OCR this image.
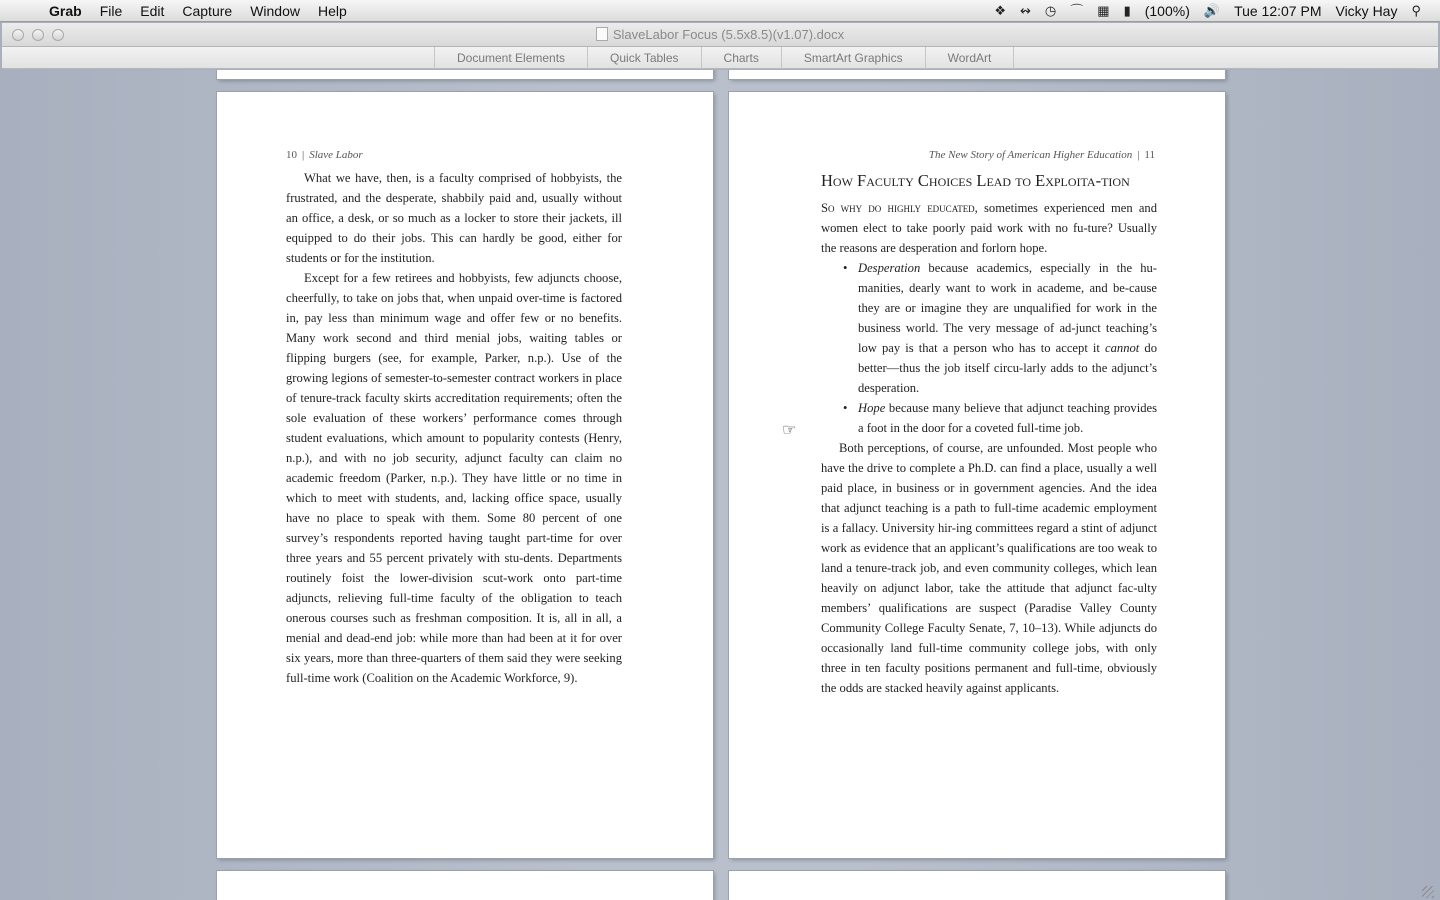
Grab	File	Edit	Capture	Window	Help	❖	↭	◷	⌒	▦	▮	(100%)	🔊	Tue 12:07 PM	Vicky Hay	⚲
SlaveLabor Focus (5.5x8.5)(v1.07).docx
Document Elements	Quick Tables	Charts	SmartArt Graphics	WordArt
10 | Slave Labor

What we have, then, is a faculty comprised of hobbyists, the frustrated, and the desperate, shabbily paid and, usually without an office, a desk, or so much as a locker to store their jackets, ill equipped to do their jobs. This can hardly be good, either for students or for the institution.

Except for a few retirees and hobbyists, few adjuncts choose, cheerfully, to take on jobs that, when unpaid over-time is factored in, pay less than minimum wage and offer few or no benefits. Many work second and third menial jobs, waiting tables or flipping burgers (see, for example, Parker, n.p.). Use of the growing legions of semester-to-semester contract workers in place of tenure-track faculty skirts accreditation requirements; often the sole evaluation of these workers’ performance comes through student evaluations, which amount to popularity contests (Henry, n.p.), and with no job security, adjunct faculty can claim no academic freedom (Parker, n.p.). They have little or no time in which to meet with students, and, lacking office space, usually have no place to speak with them. Some 80 percent of one survey’s respondents reported having taught part-time for over three years and 55 percent privately with stu-dents. Departments routinely foist the lower-division scut-work onto part-time adjuncts, relieving full-time faculty of the obligation to teach onerous courses such as freshman composition. It is, all in all, a menial and dead-end job: while more than had been at it for over six years, more than three-quarters of them said they were seeking full-time work (Coalition on the Academic Workforce, 9).

The New Story of American Higher Education | 11
How Faculty Choices Lead to Exploita-tion

So why do highly educated, sometimes experienced men and women elect to take poorly paid work with no fu-ture? Usually the reasons are desperation and forlorn hope.

• Desperation because academics, especially in the hu-manities, dearly want to work in academe, and be-cause they are or imagine they are unqualified for work in the business world. The very message of ad-junct teaching’s low pay is that a person who has to accept it cannot do better—thus the job itself circu-larly adds to the adjunct’s desperation.
• Hope because many believe that adjunct teaching provides a foot in the door for a coveted full-time job.

Both perceptions, of course, are unfounded. Most people who have the drive to complete a Ph.D. can find a place, usually a well paid place, in business or in government agencies. And the idea that adjunct teaching is a path to full-time academic employment is a fallacy. University hir-ing committees regard a stint of adjunct work as evidence that an applicant’s qualifications are too weak to land a tenure-track job, and even community colleges, which lean heavily on adjunct labor, take the attitude that adjunct fac-ulty members’ qualifications are suspect (Paradise Valley County Community College Faculty Senate, 7, 10–13). While adjuncts do occasionally land full-time community college jobs, with only three in ten faculty positions permanent and full-time, obviously the odds are stacked heavily against applicants.

☞
